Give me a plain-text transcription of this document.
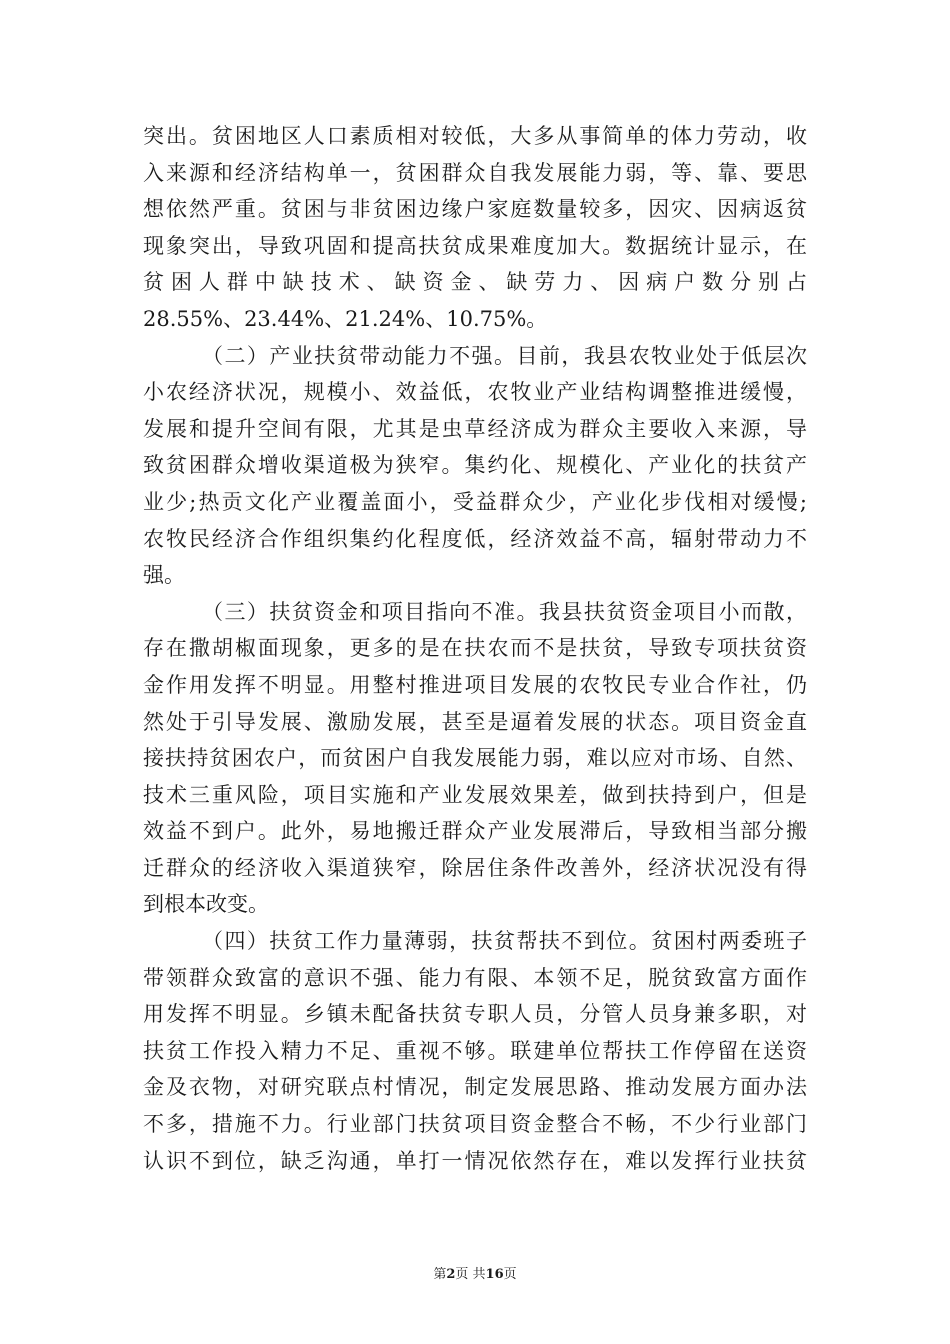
突出。贫困地区人口素质相对较低，大多从事简单的体力劳动，收
入来源和经济结构单一，贫困群众自我发展能力弱，等、靠、要思
想依然严重。贫困与非贫困边缘户家庭数量较多，因灾、因病返贫
现象突出，导致巩固和提高扶贫成果难度加大。数据统计显示，在
贫困人群中缺技术、缺资金、缺劳力、因病户数分别占
28.55%、23.44%、21.24%、10.75%。
（二）产业扶贫带动能力不强。目前，我县农牧业处于低层次
小农经济状况，规模小、效益低，农牧业产业结构调整推进缓慢，
发展和提升空间有限，尤其是虫草经济成为群众主要收入来源，导
致贫困群众增收渠道极为狭窄。集约化、规模化、产业化的扶贫产
业少;热贡文化产业覆盖面小，受益群众少，产业化步伐相对缓慢;
农牧民经济合作组织集约化程度低，经济效益不高，辐射带动力不
强。
（三）扶贫资金和项目指向不准。我县扶贫资金项目小而散，
存在撒胡椒面现象，更多的是在扶农而不是扶贫，导致专项扶贫资
金作用发挥不明显。用整村推进项目发展的农牧民专业合作社，仍
然处于引导发展、激励发展，甚至是逼着发展的状态。项目资金直
接扶持贫困农户，而贫困户自我发展能力弱，难以应对市场、自然、
技术三重风险，项目实施和产业发展效果差，做到扶持到户，但是
效益不到户。此外，易地搬迁群众产业发展滞后，导致相当部分搬
迁群众的经济收入渠道狭窄，除居住条件改善外，经济状况没有得
到根本改变。
（四）扶贫工作力量薄弱，扶贫帮扶不到位。贫困村两委班子
带领群众致富的意识不强、能力有限、本领不足，脱贫致富方面作
用发挥不明显。乡镇未配备扶贫专职人员，分管人员身兼多职，对
扶贫工作投入精力不足、重视不够。联建单位帮扶工作停留在送资
金及衣物，对研究联点村情况，制定发展思路、推动发展方面办法
不多，措施不力。行业部门扶贫项目资金整合不畅，不少行业部门
认识不到位，缺乏沟通，单打一情况依然存在，难以发挥行业扶贫
第2页 共16页
